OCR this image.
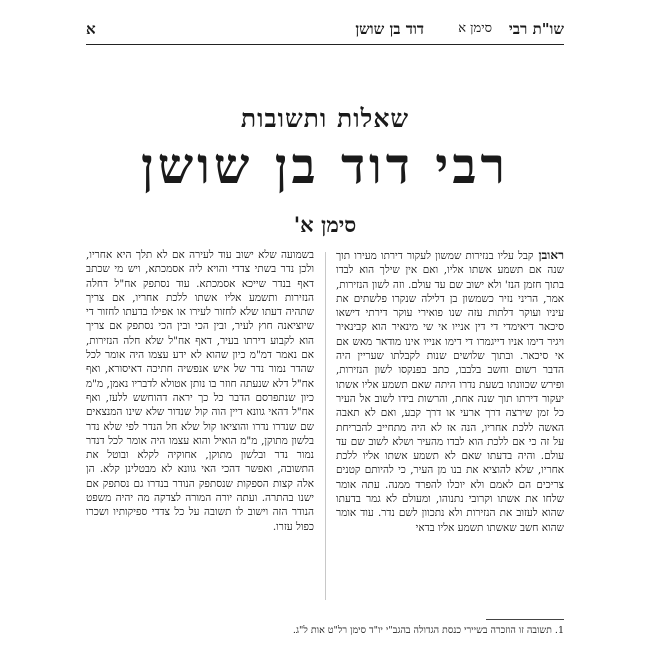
שו"ת רבי
סימן א
דוד בן שושן
א
שאלות ותשובות
רבי דוד בן שושן
סימן א'
ראובן קבל עליו בנזירות שמשון לעקור דירתו מעירו תוך שנה אם תשמע אשתו אליו, ואם אין שילך הוא לבדו בתוך חזמן הנז' ולא ישוב שם עד עולם. וזה לשון הנזירות, אמר, הריני נזיר כשמשון בן דלילה שנקרו פלשתים את עיניו ועוקר דלתות עזה שנו פואירי עוקר דירתי דישאו סיכאר דיאימדי די דין אנייו אי שי מינאיר הוא קבינאיר ויגיר דימו אניו דייגמרו די דימו אנייו אינו מודאר מאש אם אי סיכאר. ובתוך שלושים שנות לקבלתו שעריין היה הדבר רשום וחשב בלבבו, כתב בפנקסו לשון הנזירות, ופירש שכוונתו בשעת נדרו היתה שאם תשמע אליו אשתו יעקור דירתו תוך שנה אחת, והרשות בידו לשוב אל העיר כל זמן שירצה דרך ארעי או דרך קבע, ואם לא תאבה האשה ללכת אחריו, הנה אז לא היה מתחייב להבריחת על זה כי אם ללכת הוא לבדו מהעיר ושלא לשוב שם עד עולם. והיה בדעתו שאם לא תשמע אשתו אליו ללכת אחריו, שלא להוציא את בנו מן העיר, כי להיותם קטנים צריכים הם לאמם ולא יוכלו להפרד ממנה. עתה אומר שלחו את אשתו וקרובי נתנוהו, ומעולם לא גמר בדעתו שהוא לעזוב את הנזירות ולא נתכוון לשם נדר. עוד אומר שהוא חשב שאשתו תשמע אליו בדאי
בשמועה שלא ישוב עוד לעירה אם לא תלך היא אחריו, ולכן נדר בשתי צדדי והויא ליה אסמכתא, ויש מי שכתב דאף בנדר שייכא אסמכתא. עוד נסתפק אח"ל דחלה הנזירות ותשמע אליו אשתו ללכת אחריו, אם צריך שתהיה דעתו שלא לחזור לעירו או אפילו בדעתו לחזור די שיוציאנה חוץ לעיר, ובין הכי ובין הכי נסתפק אם צריך הוא לקבוע דירתו בעיר, דאף אח"ל שלא חלה הנזירות, אם נאמר דמ"מ כיון שהוא לא ידע עצמו היה אומר לכל שהדר נמור נדר של איש אנפשיה חתיכה דאיסורא, ואף אח"ל דלא שנעתה חוזר בו נותן אטולא לדבריו נאמן, מ"מ כיון שנתפרסם הדבר כל כך יראה דהוחשש ללעז, ואף אח"ל דהאי גוונא דיין הוה קול שנדור שלא שינו המנצאים שם שנדרו נדרו והוציאו קול שלא חל הנדר לפי שלא נדר בלשון מתוקן, מ"מ הואיל והוא עצמו היה אומר לכל דנדר נמור נדר ובלשון מתוקן, אחוקיה לקלא ובוטל את התשובה, ואפשר דהכי האי גוונא לא מבטלינן קלא. הן אלה קצות הספקות שנסתפק הנודר בנדרו גם נסתפק אם ישנו בהתרה. ועתה יורה המורה לצדקה מה יהיה משפט הנודר הזה וישוב לו תשובה על כל צדדי ספיקותיו ושכרו כפול עזרו.
1. תשובה זו הוזכרה בשיירי כנסת הגדולה בהגב"י יו"ד סימן רל"ט אות ל"ג.
